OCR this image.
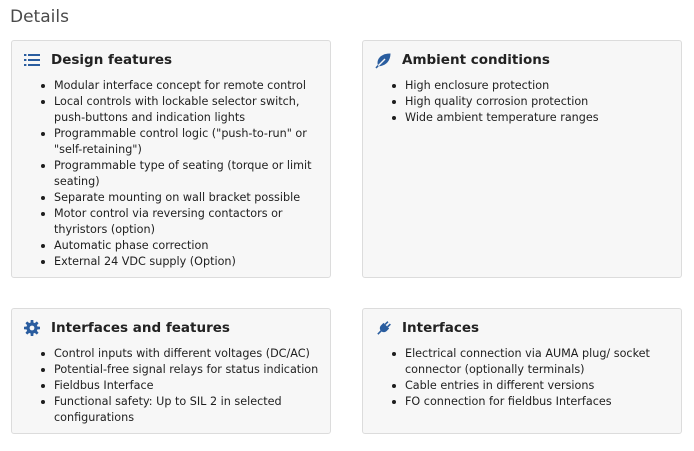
Details
Design features
Modular interface concept for remote control
Local controls with lockable selector switch, push-buttons and indication lights
Programmable control logic ("push-to-run" or "self-retaining")
Programmable type of seating (torque or limit seating)
Separate mounting on wall bracket possible
Motor control via reversing contactors or thyristors (option)
Automatic phase correction
External 24 VDC supply (Option)
Ambient conditions
High enclosure protection
High quality corrosion protection
Wide ambient temperature ranges
Interfaces and features
Control inputs with different voltages (DC/AC)
Potential-free signal relays for status indication
Fieldbus Interface
Functional safety: Up to SIL 2 in selected configurations
Interfaces
Electrical connection via AUMA plug/ socket connector (optionally terminals)
Cable entries in different versions
FO connection for fieldbus Interfaces
